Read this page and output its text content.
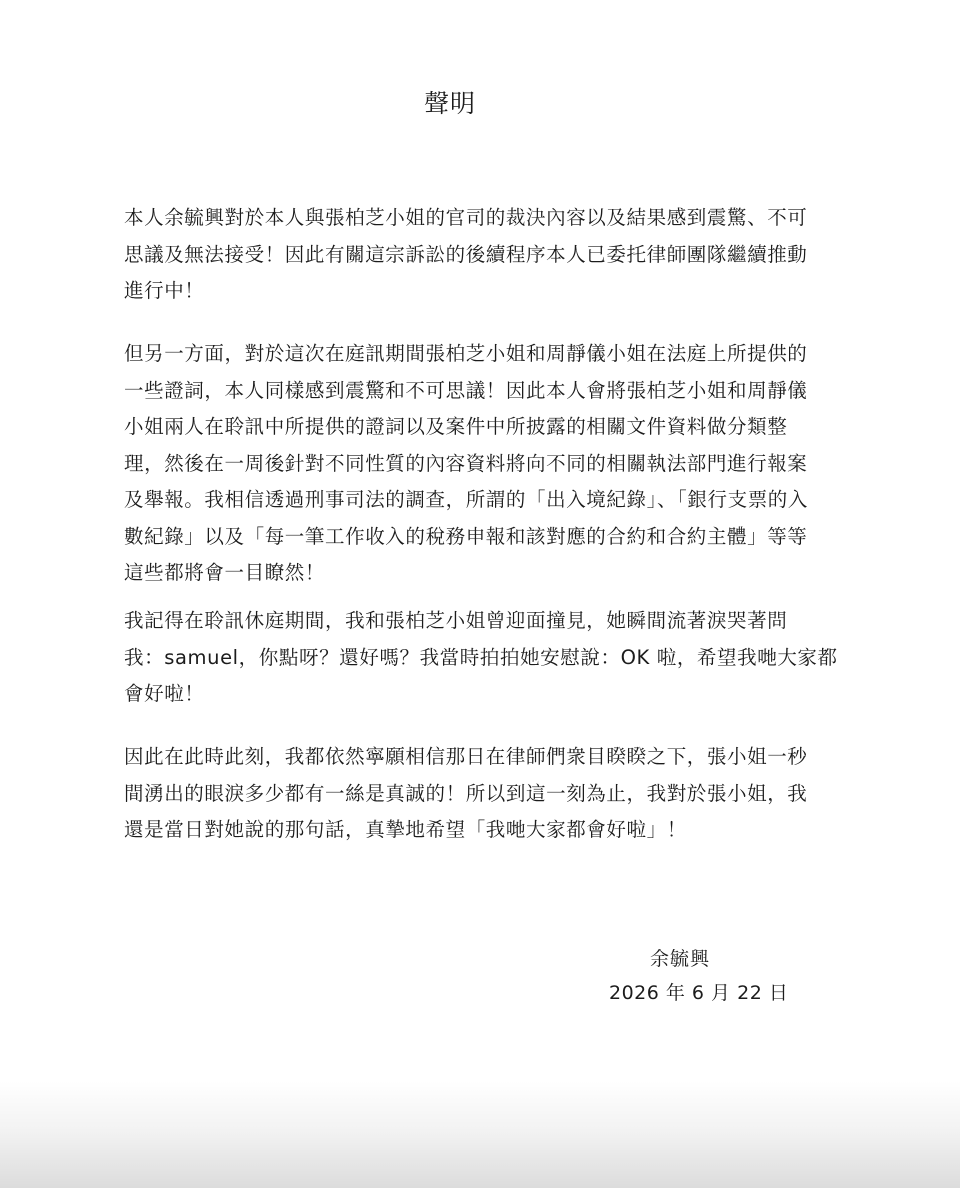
聲明

本人余毓興對於本人與張柏芝小姐的官司的裁決內容以及結果感到震驚、不可
思議及無法接受！因此有關這宗訴訟的後續程序本人已委托律師團隊繼續推動
進行中！

但另一方面，對於這次在庭訊期間張柏芝小姐和周靜儀小姐在法庭上所提供的
一些證詞，本人同樣感到震驚和不可思議！因此本人會將張柏芝小姐和周靜儀
小姐兩人在聆訊中所提供的證詞以及案件中所披露的相關文件資料做分類整
理，然後在一周後針對不同性質的內容資料將向不同的相關執法部門進行報案
及舉報。我相信透過刑事司法的調查，所謂的「出入境紀錄」、「銀行支票的入
數紀錄」以及「每一筆工作收入的稅務申報和該對應的合約和合約主體」等等
這些都將會一目瞭然！

我記得在聆訊休庭期間，我和張柏芝小姐曾迎面撞見，她瞬間流著淚哭著問
我：samuel，你點呀？還好嗎？我當時拍拍她安慰說：OK 啦，希望我哋大家都
會好啦！

因此在此時此刻，我都依然寧願相信那日在律師們衆目睽睽之下，張小姐一秒
間湧出的眼淚多少都有一絲是真誠的！所以到這一刻為止，我對於張小姐，我
還是當日對她說的那句話，真摯地希望「我哋大家都會好啦」！

余毓興

2026 年 6 月 22 日
